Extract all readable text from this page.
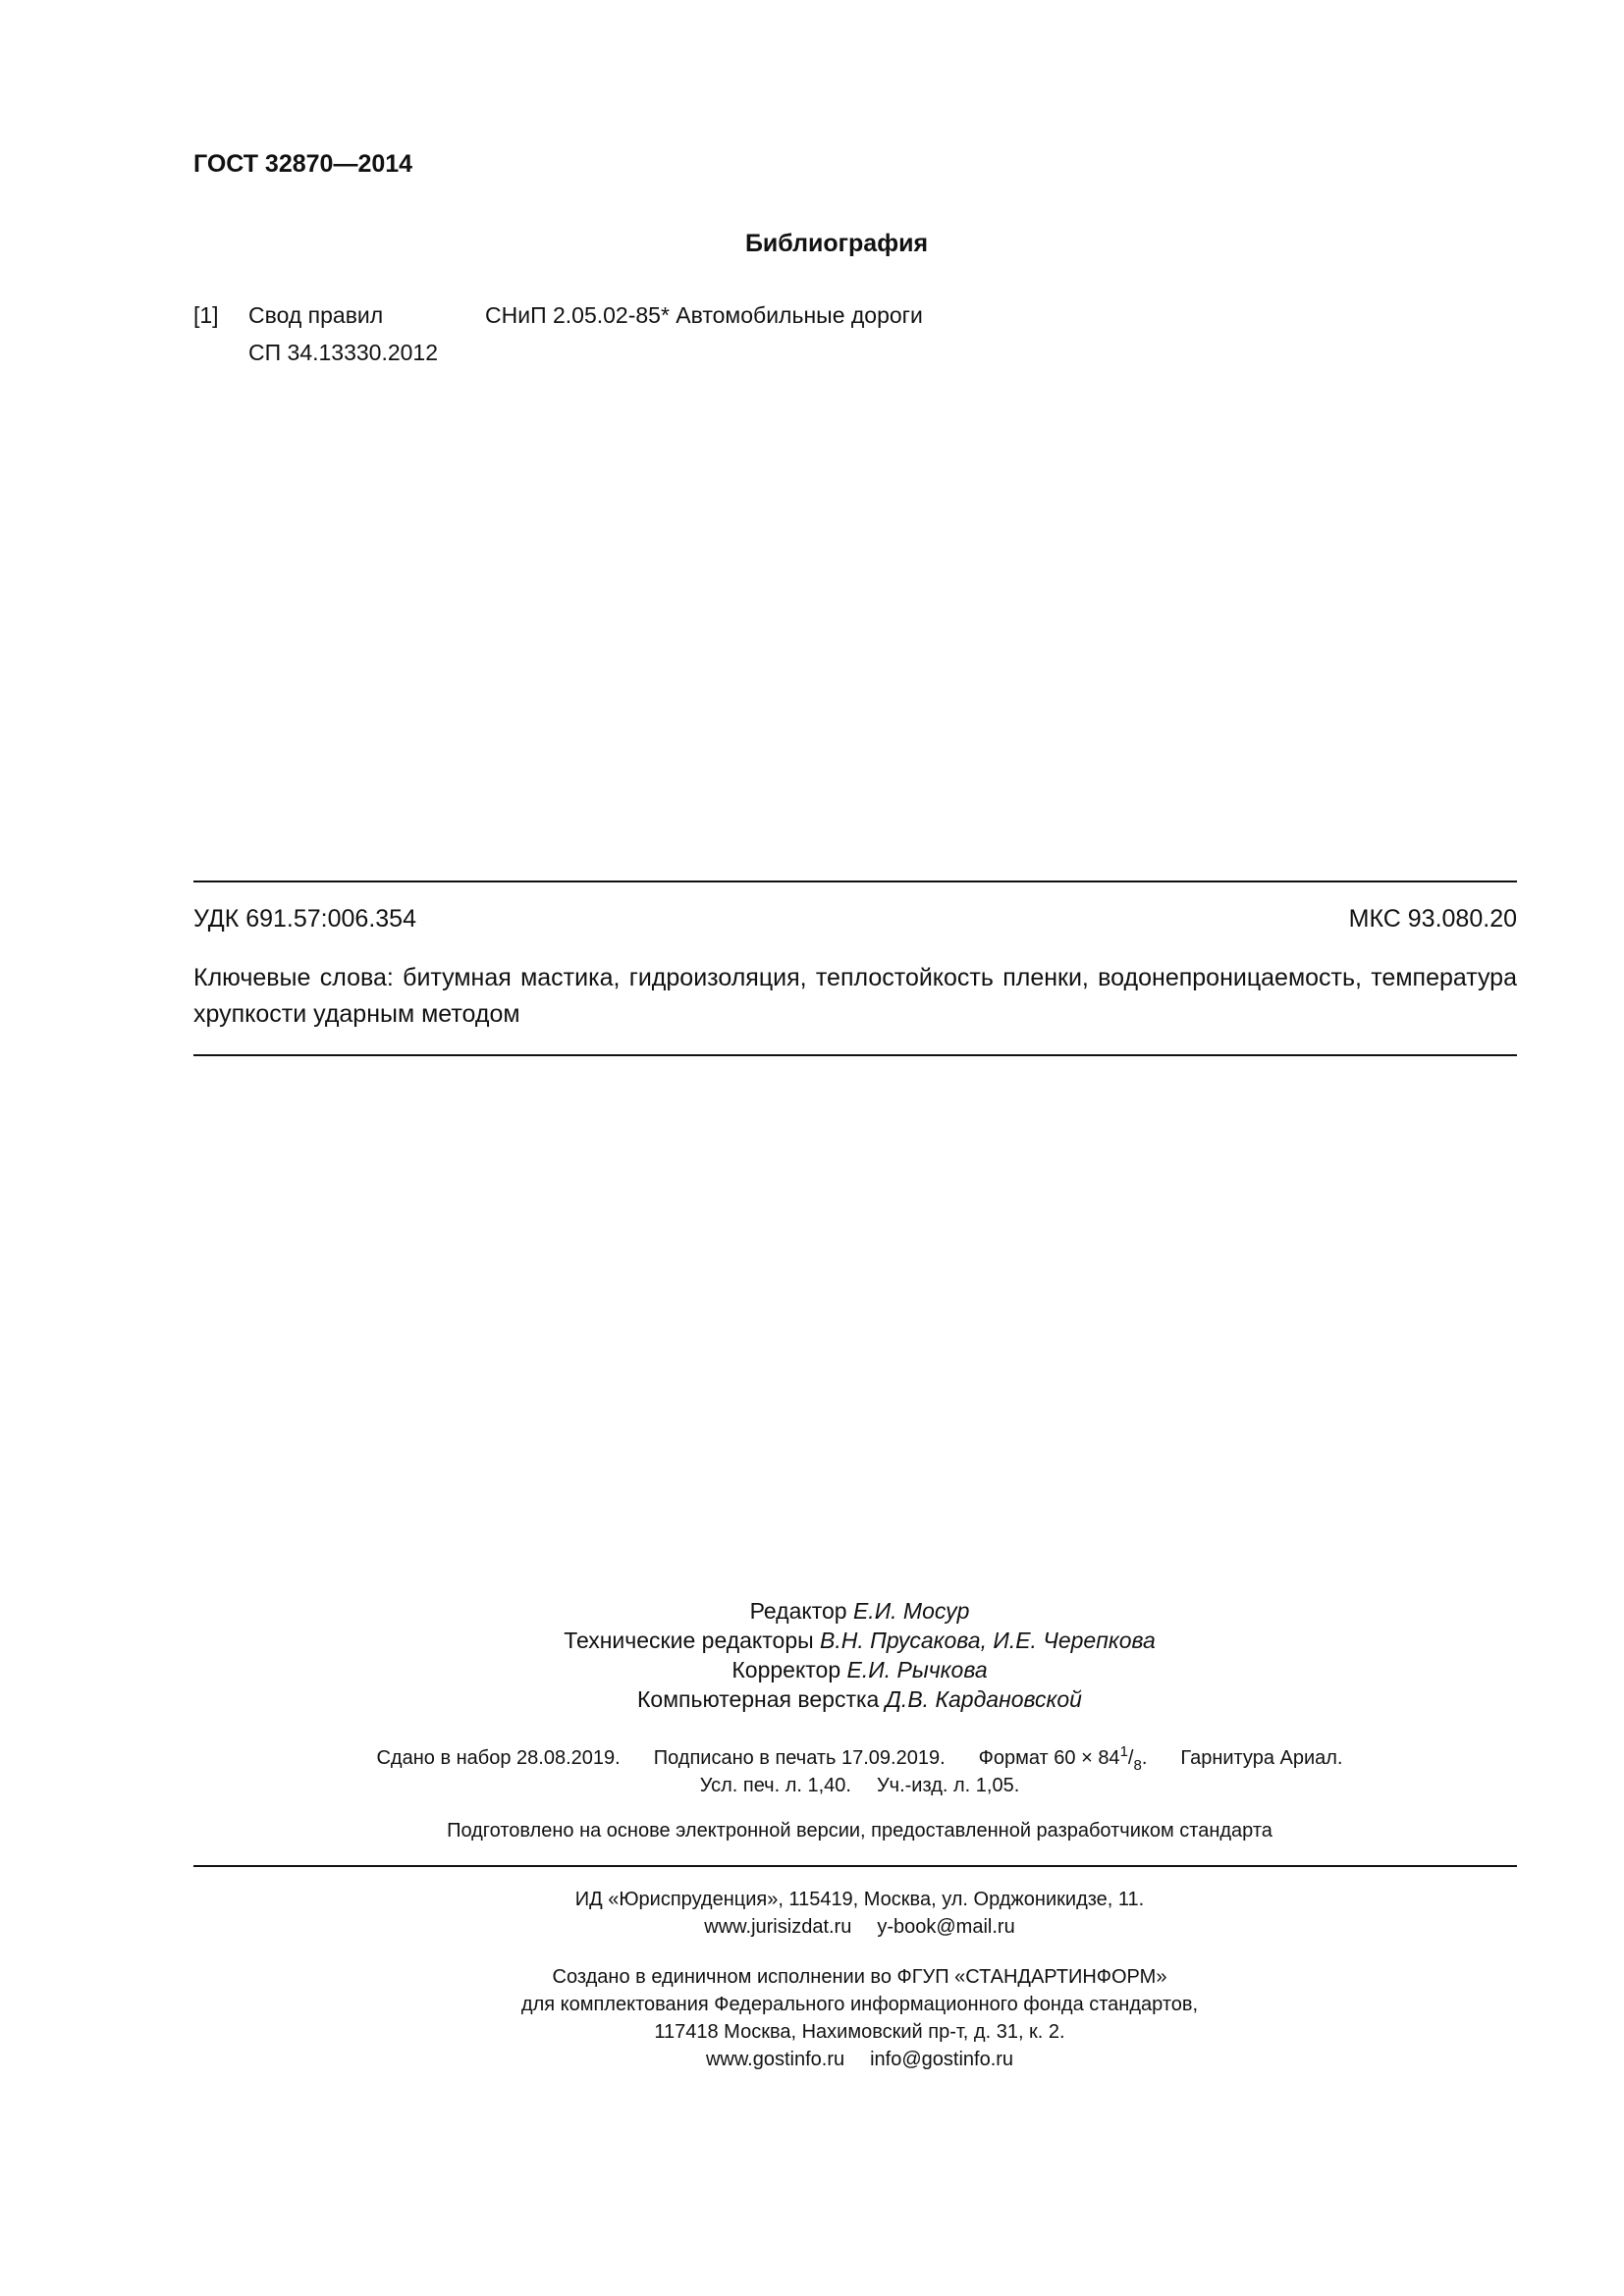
ГОСТ 32870—2014
Библиография
[1] Свод правил
СП 34.13330.2012
СНиП 2.05.02-85* Автомобильные дороги
УДК 691.57:006.354	МКС 93.080.20
Ключевые слова: битумная мастика, гидроизоляция, теплостойкость пленки, водонепроницаемость, температура хрупкости ударным методом
Редактор Е.И. Мосур
Технические редакторы В.Н. Прусакова, И.Е. Черепкова
Корректор Е.И. Рычкова
Компьютерная верстка Д.В. Кардановской
Сдано в набор 28.08.2019. Подписано в печать 17.09.2019. Формат $60 \times 84^1/_8$. Гарнитура Ариал.
Усл. печ. л. 1,40. Уч.-изд. л. 1,05.
Подготовлено на основе электронной версии, предоставленной разработчиком стандарта
ИД «Юриспруденция», 115419, Москва, ул. Орджоникидзе, 11.
www.jurisizdat.ru y-book@mail.ru
Создано в единичном исполнении во ФГУП «СТАНДАРТИНФОРМ»
для комплектования Федерального информационного фонда стандартов,
117418 Москва, Нахимовский пр-т, д. 31, к. 2.
www.gostinfo.ru info@gostinfo.ru
